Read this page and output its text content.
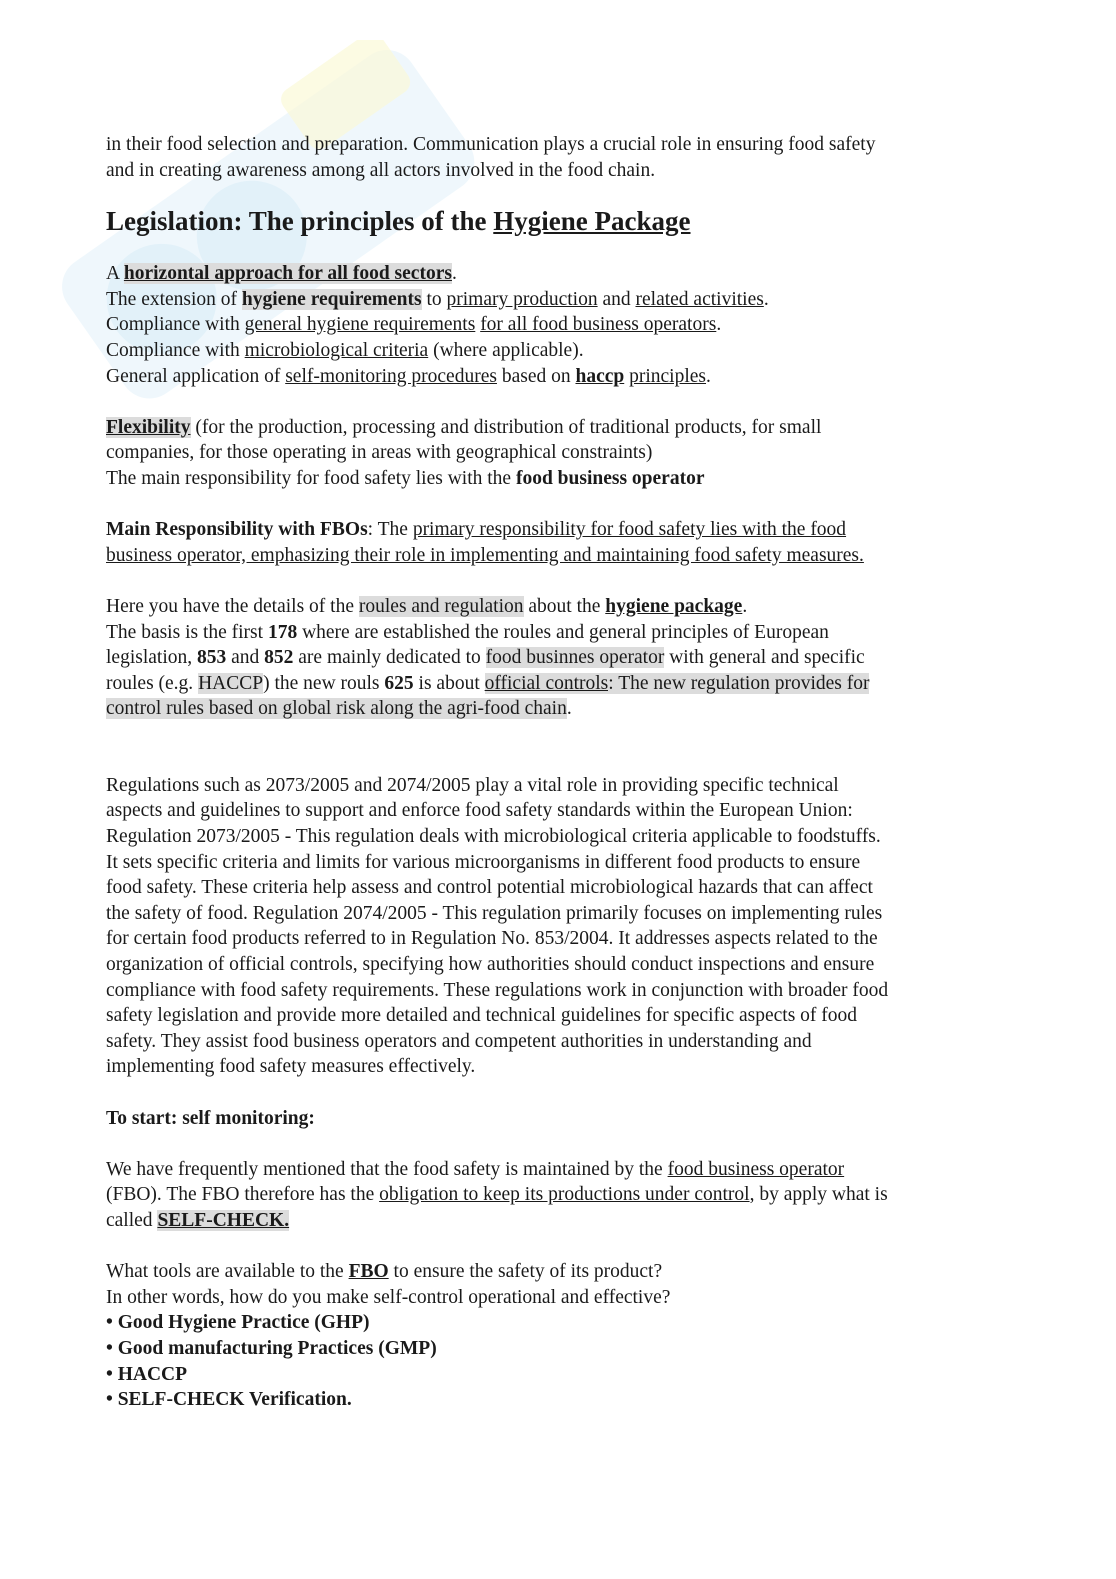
in their food selection and preparation. Communication plays a crucial role in ensuring food safety

and in creating awareness among all actors involved in the food chain.

Legislation: The principles of the Hygiene Package

A horizontal approach for all food sectors.

The extension of hygiene requirements to primary production and related activities.

Compliance with general hygiene requirements for all food business operators.

Compliance with microbiological criteria (where applicable).

General application of self-monitoring procedures based on haccp principles.

Flexibility (for the production, processing and distribution of traditional products, for small

companies, for those operating in areas with geographical constraints)

The main responsibility for food safety lies with the food business operator

Main Responsibility with FBOs: The primary responsibility for food safety lies with the food

business operator, emphasizing their role in implementing and maintaining food safety measures.

Here you have the details of the roules and regulation about the hygiene package.

The basis is the first 178 where are established the roules and general principles of European

legislation, 853 and 852 are mainly dedicated to food businnes operator with general and specific

roules (e.g. HACCP) the new rouls 625 is about official controls: The new regulation provides for

control rules based on global risk along the agri-food chain.

Regulations such as 2073/2005 and 2074/2005 play a vital role in providing specific technical

aspects and guidelines to support and enforce food safety standards within the European Union:

Regulation 2073/2005 - This regulation deals with microbiological criteria applicable to foodstuffs.

It sets specific criteria and limits for various microorganisms in different food products to ensure

food safety. These criteria help assess and control potential microbiological hazards that can affect

the safety of food. Regulation 2074/2005 - This regulation primarily focuses on implementing rules

for certain food products referred to in Regulation No. 853/2004. It addresses aspects related to the

organization of official controls, specifying how authorities should conduct inspections and ensure

compliance with food safety requirements. These regulations work in conjunction with broader food

safety legislation and provide more detailed and technical guidelines for specific aspects of food

safety. They assist food business operators and competent authorities in understanding and

implementing food safety measures effectively.

To start: self monitoring:

We have frequently mentioned that the food safety is maintained by the food business operator

(FBO). The FBO therefore has the obligation to keep its productions under control, by apply what is

called SELF-CHECK.

What tools are available to the FBO to ensure the safety of its product?

In other words, how do you make self-control operational and effective?

• Good Hygiene Practice (GHP)

• Good manufacturing Practices (GMP)

• HACCP

• SELF-CHECK Verification.
